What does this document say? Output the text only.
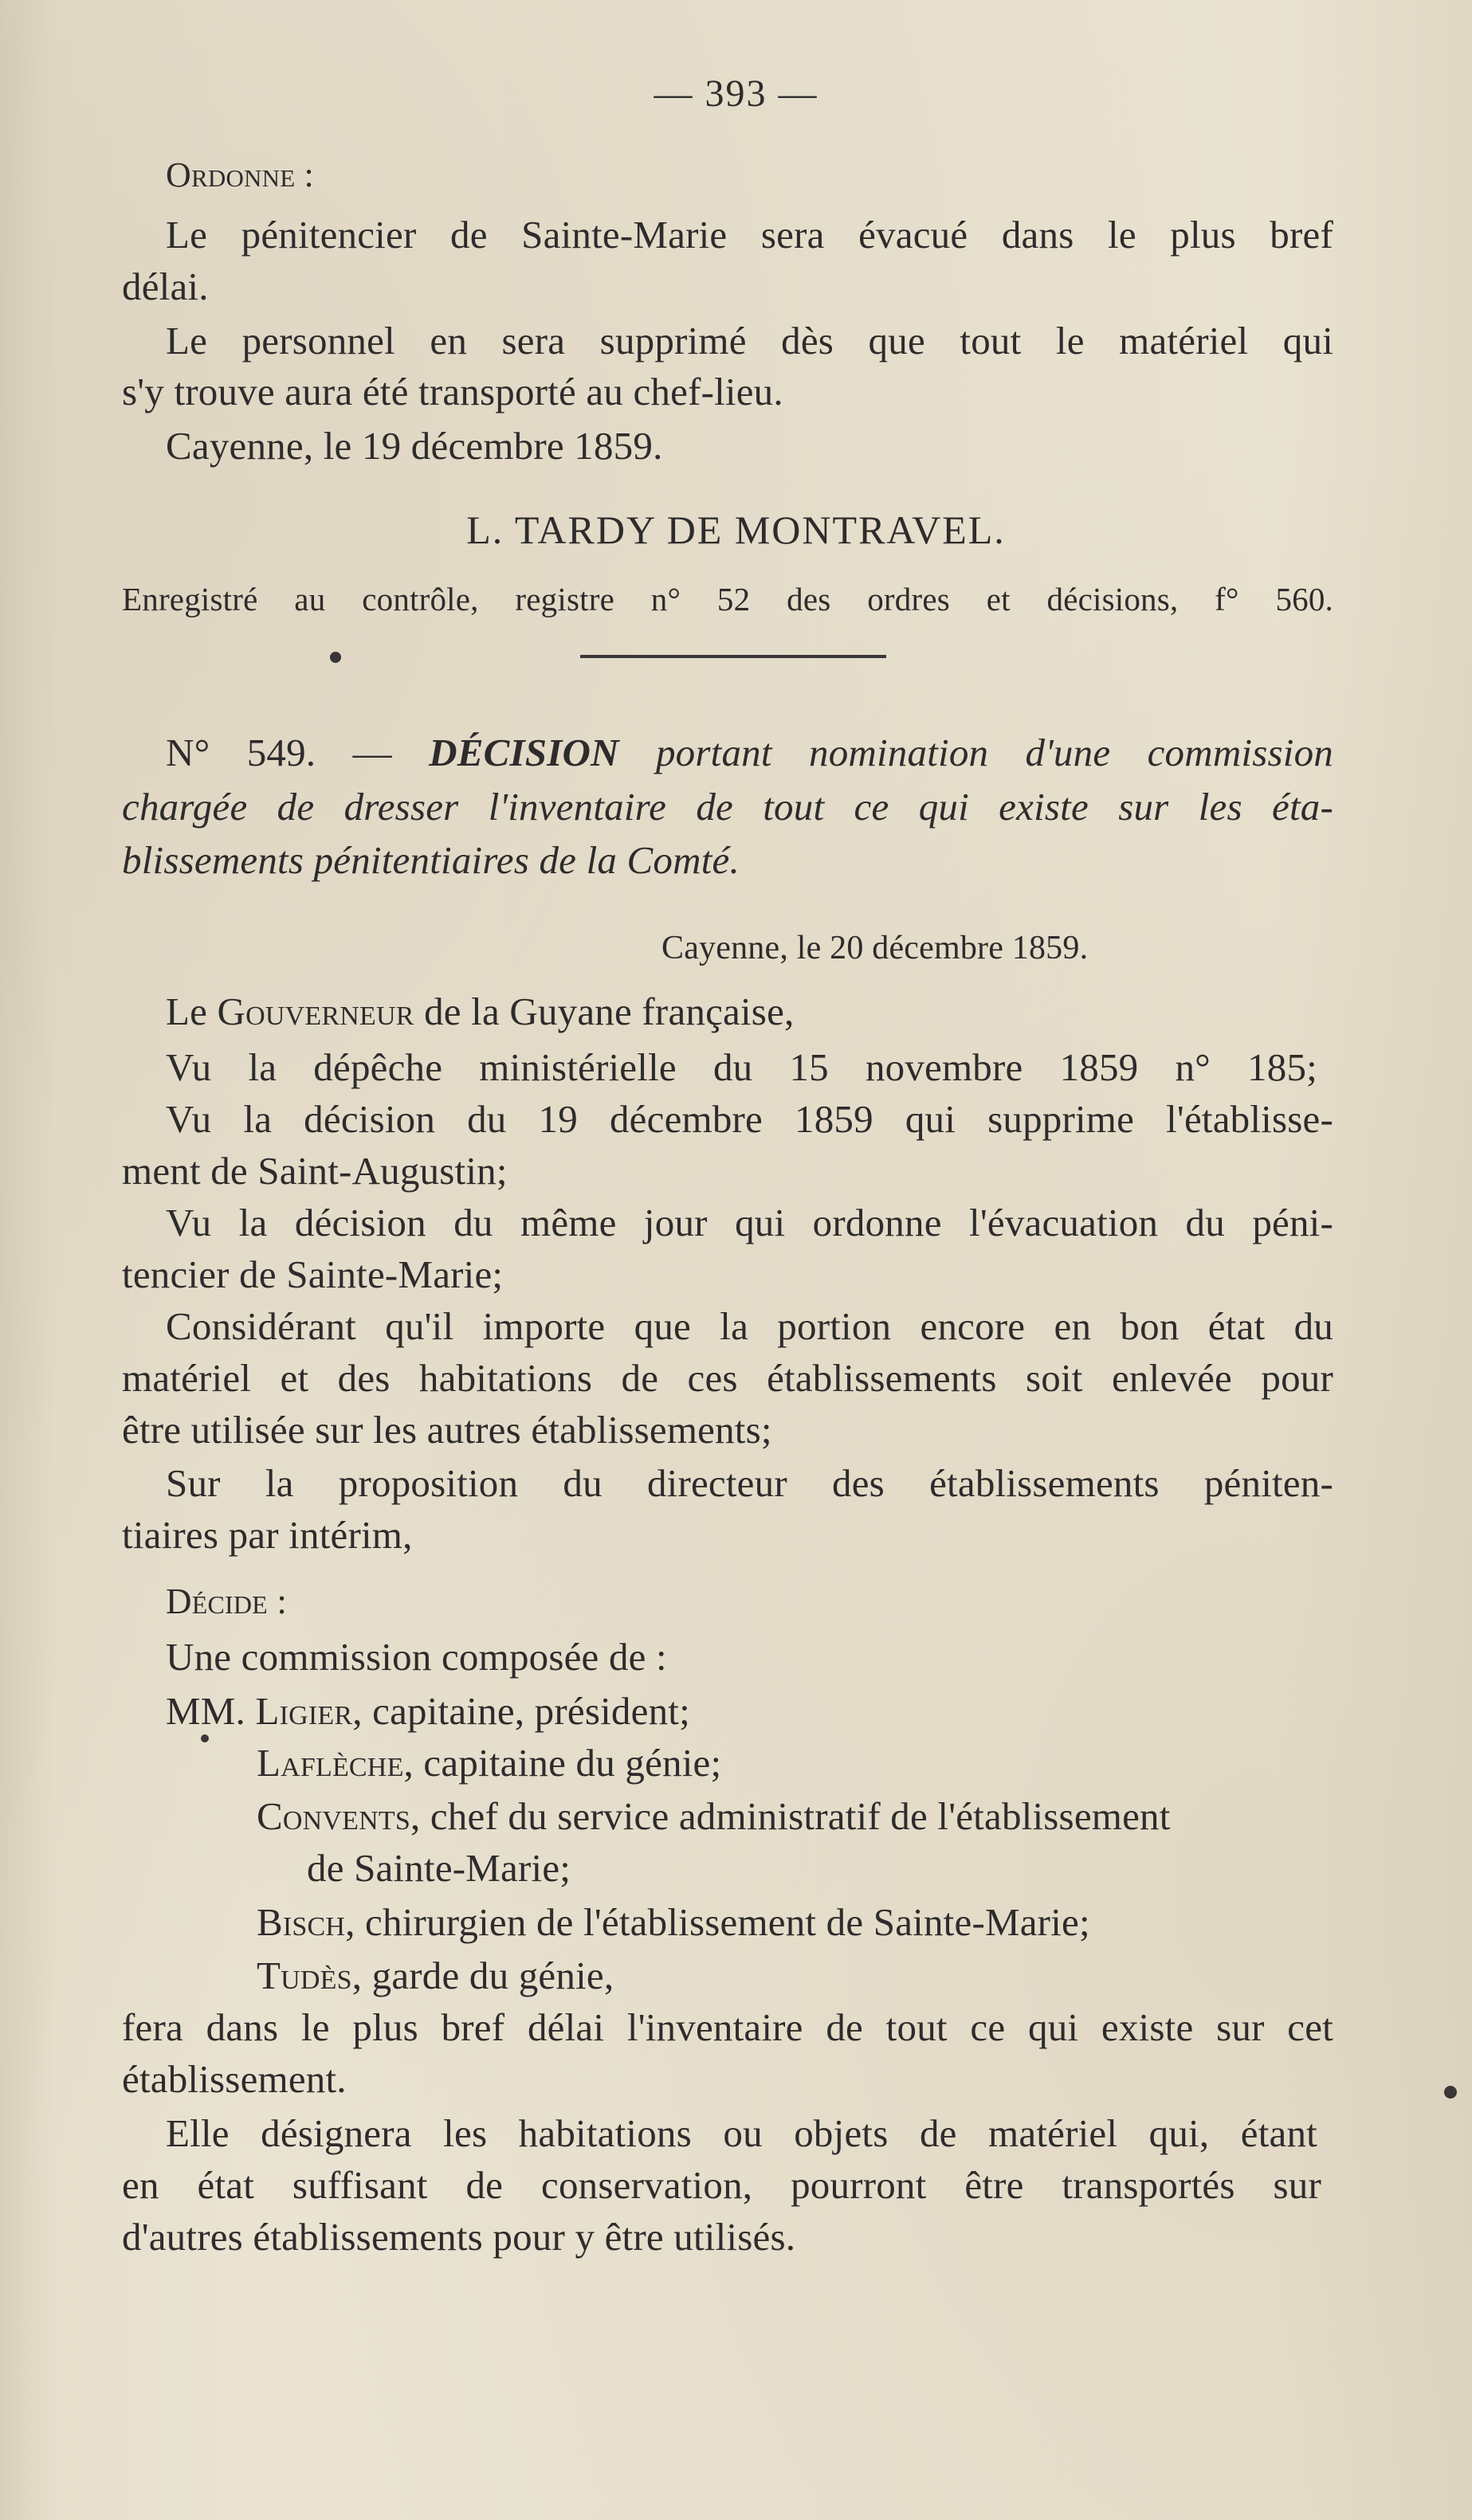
— 393 —
Ordonne :
Le pénitencier de Sainte-Marie sera évacué dans le plus bref
délai.
Le personnel en sera supprimé dès que tout le matériel qui
s'y trouve aura été transporté au chef-lieu.
Cayenne, le 19 décembre 1859.
L. TARDY DE MONTRAVEL.
Enregistré au contrôle, registre n° 52 des ordres et décisions, f° 560.
N° 549. — DÉCISION portant nomination d'une commission
chargée de dresser l'inventaire de tout ce qui existe sur les éta-
blissements pénitentiaires de la Comté.
Cayenne, le 20 décembre 1859.
Le Gouverneur de la Guyane française,
Vu la dépêche ministérielle du 15 novembre 1859 n° 185;
Vu la décision du 19 décembre 1859 qui supprime l'établisse-
ment de Saint-Augustin;
Vu la décision du même jour qui ordonne l'évacuation du péni-
tencier de Sainte-Marie;
Considérant qu'il importe que la portion encore en bon état du
matériel et des habitations de ces établissements soit enlevée pour
être utilisée sur les autres établissements;
Sur la proposition du directeur des établissements péniten-
tiaires par intérim,
Décide :
Une commission composée de :
MM. Ligier, capitaine, président;
Laflèche, capitaine du génie;
Convents, chef du service administratif de l'établissement
de Sainte-Marie;
Bisch, chirurgien de l'établissement de Sainte-Marie;
Tudès, garde du génie,
fera dans le plus bref délai l'inventaire de tout ce qui existe sur cet
établissement.
Elle désignera les habitations ou objets de matériel qui, étant
en état suffisant de conservation, pourront être transportés sur
d'autres établissements pour y être utilisés.
